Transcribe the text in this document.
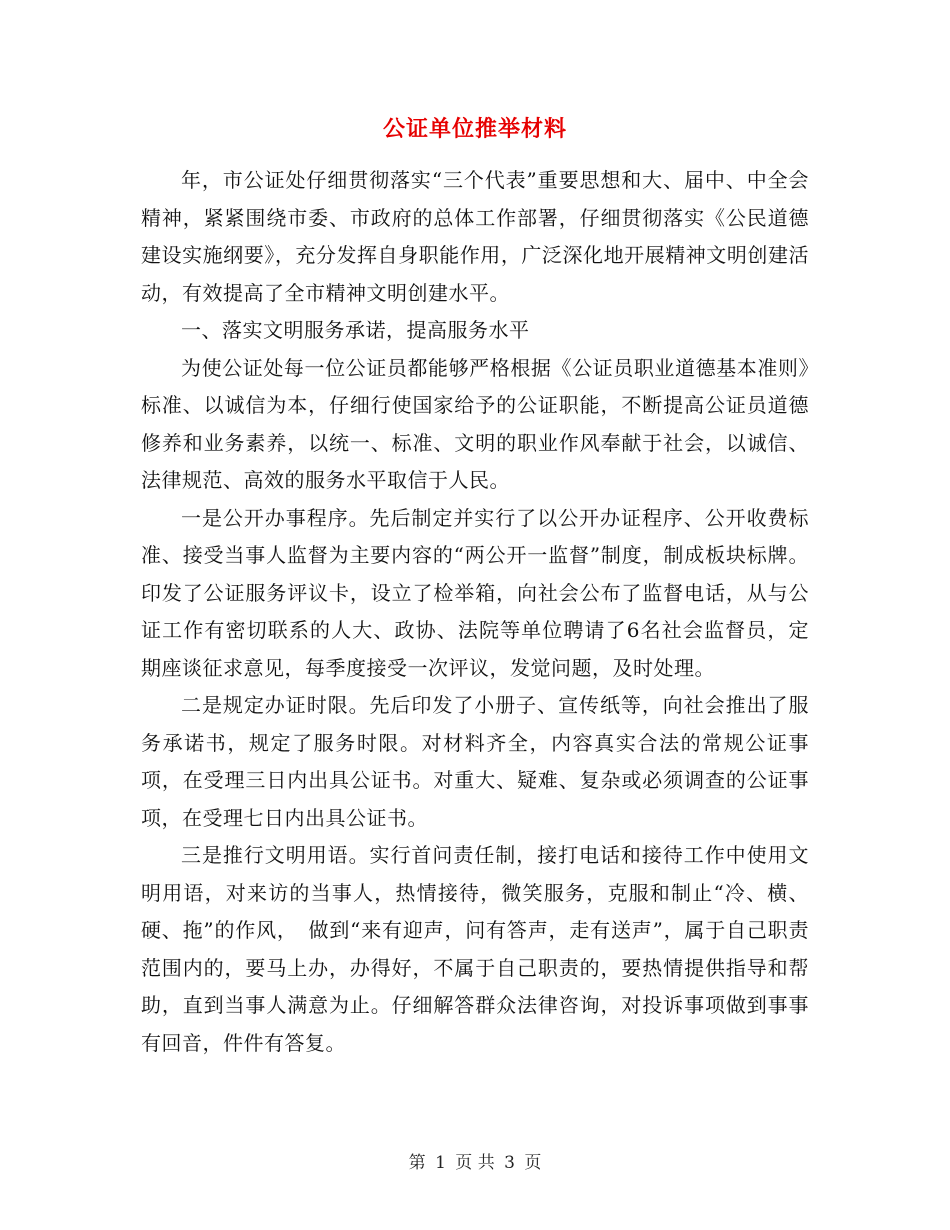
公证单位推举材料

年，市公证处仔细贯彻落实“三个代表”重要思想和大、届中、中全会精神，紧紧围绕市委、市政府的总体工作部署，仔细贯彻落实《公民道德建设实施纲要》，充分发挥自身职能作用，广泛深化地开展精神文明创建活动，有效提高了全市精神文明创建水平。

一、落实文明服务承诺，提高服务水平

为使公证处每一位公证员都能够严格根据《公证员职业道德基本准则》标准、以诚信为本，仔细行使国家给予的公证职能，不断提高公证员道德修养和业务素养，以统一、标准、文明的职业作风奉献于社会，以诚信、法律规范、高效的服务水平取信于人民。

一是公开办事程序。先后制定并实行了以公开办证程序、公开收费标准、接受当事人监督为主要内容的“两公开一监督”制度，制成板块标牌。印发了公证服务评议卡，设立了检举箱，向社会公布了监督电话，从与公证工作有密切联系的人大、政协、法院等单位聘请了6名社会监督员，定期座谈征求意见，每季度接受一次评议，发觉问题，及时处理。

二是规定办证时限。先后印发了小册子、宣传纸等，向社会推出了服务承诺书，规定了服务时限。对材料齐全，内容真实合法的常规公证事项，在受理三日内出具公证书。对重大、疑难、复杂或必须调查的公证事项，在受理七日内出具公证书。

三是推行文明用语。实行首问责任制，接打电话和接待工作中使用文明用语，对来访的当事人，热情接待，微笑服务，克服和制止“冷、横、硬、拖”的作风，　做到“来有迎声，问有答声，走有送声”，属于自己职责范围内的，要马上办，办得好，不属于自己职责的，要热情提供指导和帮助，直到当事人满意为止。仔细解答群众法律咨询，对投诉事项做到事事有回音，件件有答复。

第 1 页 共 3 页
